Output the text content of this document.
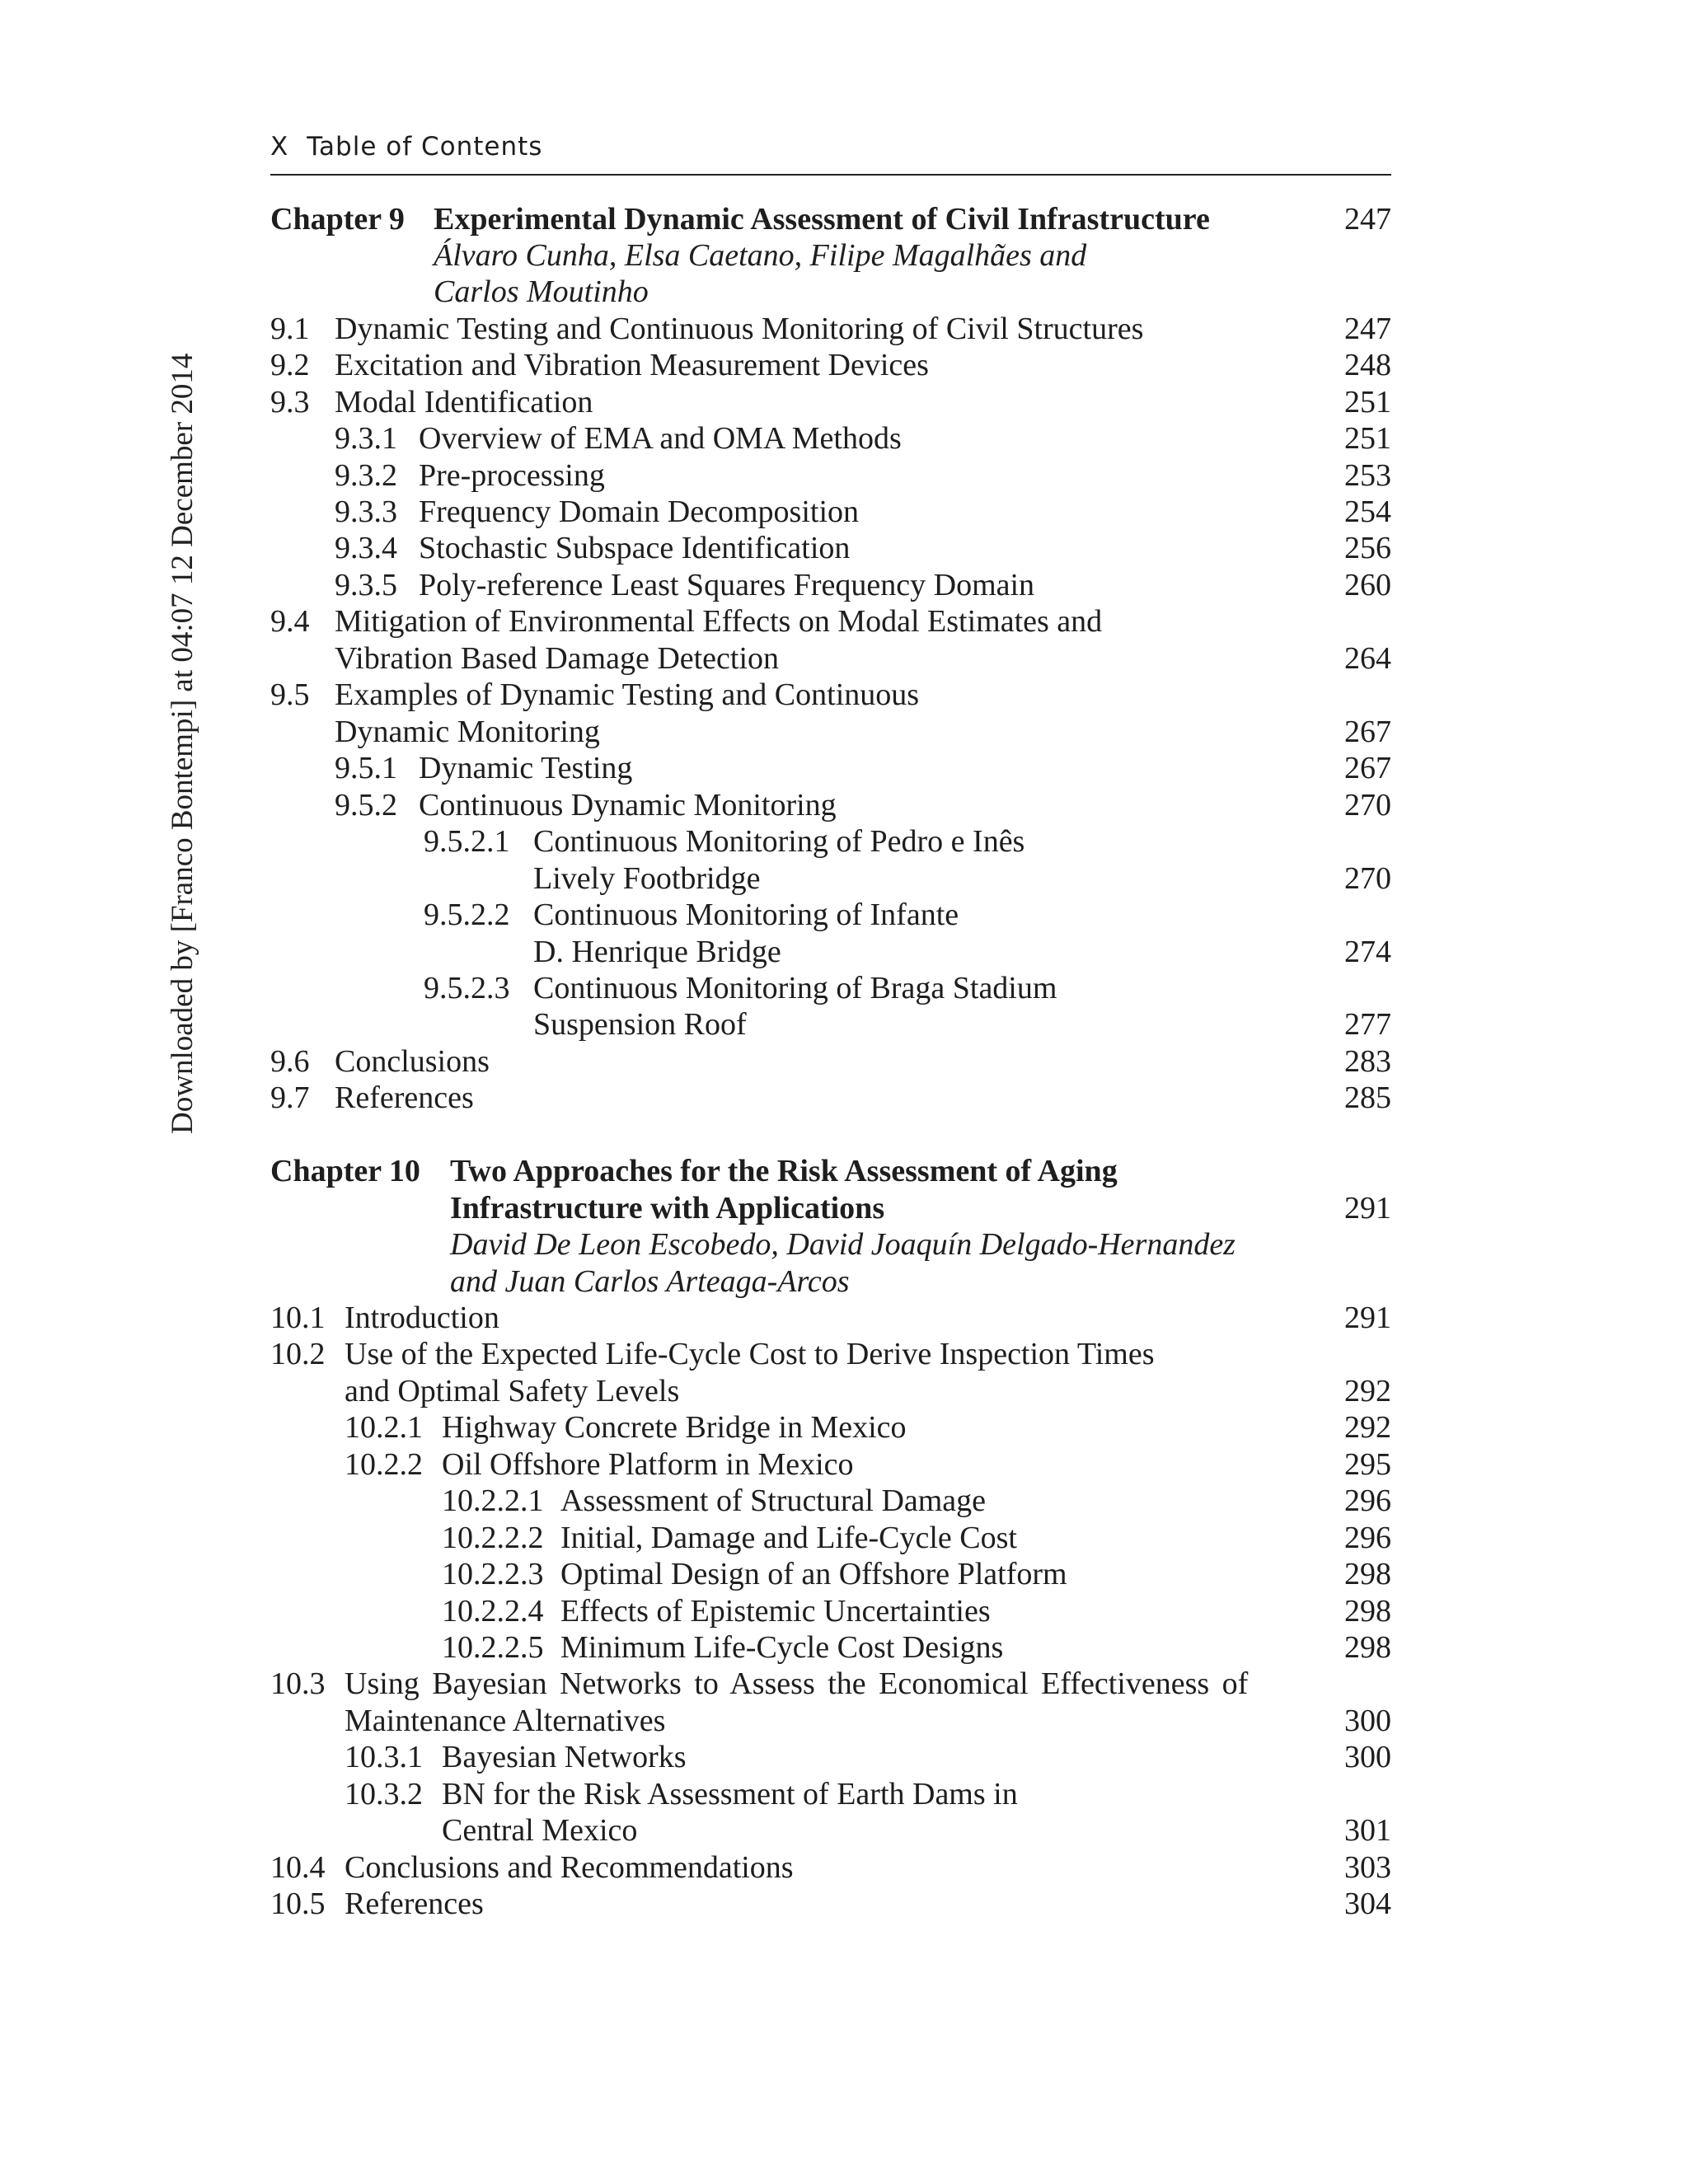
X Table of Contents
Downloaded by [Franco Bontempi] at 04:07 12 December 2014
Chapter 9 Experimental Dynamic Assessment of Civil Infrastructure	247
Álvaro Cunha, Elsa Caetano, Filipe Magalhães and
Carlos Moutinho
9.1 Dynamic Testing and Continuous Monitoring of Civil Structures	247
9.2 Excitation and Vibration Measurement Devices	248
9.3 Modal Identification	251
9.3.1 Overview of EMA and OMA Methods	251
9.3.2 Pre-processing	253
9.3.3 Frequency Domain Decomposition	254
9.3.4 Stochastic Subspace Identification	256
9.3.5 Poly-reference Least Squares Frequency Domain	260
9.4 Mitigation of Environmental Effects on Modal Estimates and
Vibration Based Damage Detection	264
9.5 Examples of Dynamic Testing and Continuous
Dynamic Monitoring	267
9.5.1 Dynamic Testing	267
9.5.2 Continuous Dynamic Monitoring	270
9.5.2.1 Continuous Monitoring of Pedro e Inês
Lively Footbridge	270
9.5.2.2 Continuous Monitoring of Infante
D. Henrique Bridge	274
9.5.2.3 Continuous Monitoring of Braga Stadium
Suspension Roof	277
9.6 Conclusions	283
9.7 References	285
Chapter 10 Two Approaches for the Risk Assessment of Aging
Infrastructure with Applications	291
David De Leon Escobedo, David Joaquín Delgado-Hernandez
and Juan Carlos Arteaga-Arcos
10.1 Introduction	291
10.2 Use of the Expected Life-Cycle Cost to Derive Inspection Times
and Optimal Safety Levels	292
10.2.1 Highway Concrete Bridge in Mexico	292
10.2.2 Oil Offshore Platform in Mexico	295
10.2.2.1 Assessment of Structural Damage	296
10.2.2.2 Initial, Damage and Life-Cycle Cost	296
10.2.2.3 Optimal Design of an Offshore Platform	298
10.2.2.4 Effects of Epistemic Uncertainties	298
10.2.2.5 Minimum Life-Cycle Cost Designs	298
10.3 Using Bayesian Networks to Assess the Economical Effectiveness of
Maintenance Alternatives	300
10.3.1 Bayesian Networks	300
10.3.2 BN for the Risk Assessment of Earth Dams in
Central Mexico	301
10.4 Conclusions and Recommendations	303
10.5 References	304
